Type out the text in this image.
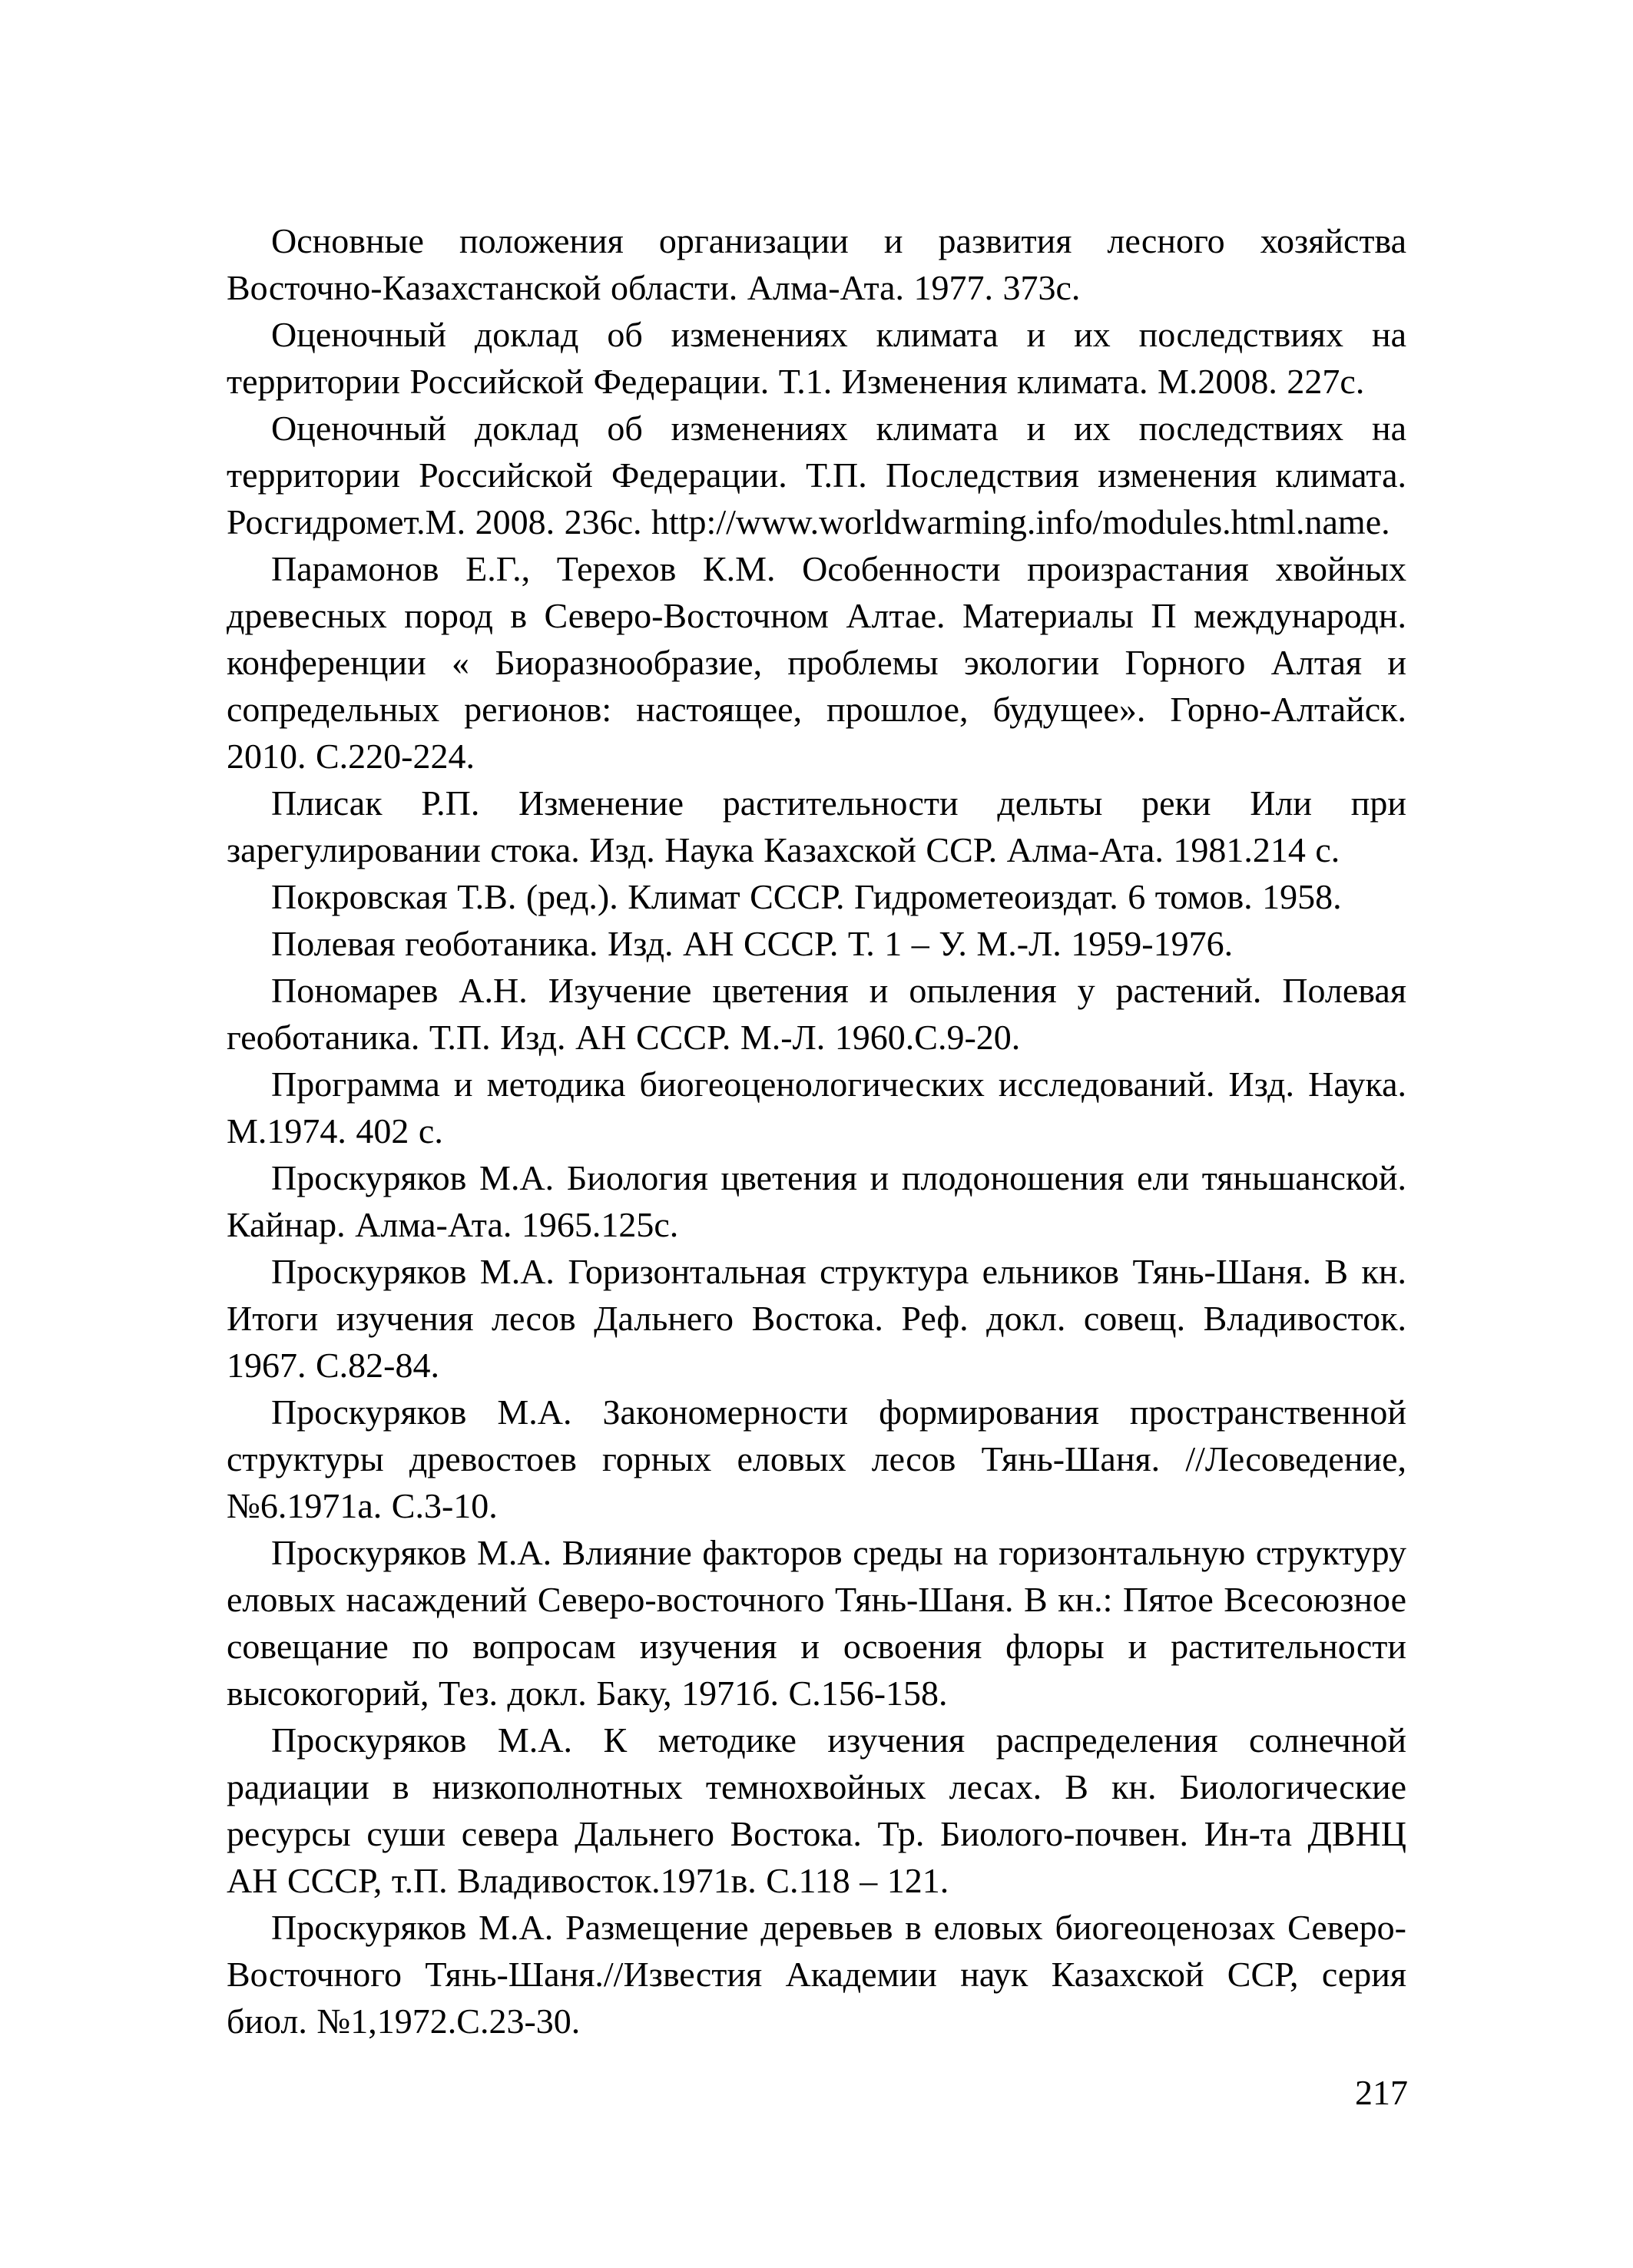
Основные положения организации и развития лесного хозяйства Восточно-Казахстанской области. Алма-Ата. 1977. 373с.

Оценочный доклад об изменениях климата и их последствиях на территории Российской Федерации. Т.1. Изменения климата. М.2008. 227с.

Оценочный доклад об изменениях климата и их последствиях на территории Российской Федерации. Т.П. Последствия изменения климата. Росгидромет.М. 2008. 236с. http://www.worldwarming.info/modules.html.name.

Парамонов Е.Г., Терехов К.М. Особенности произрастания хвойных древесных пород в Северо-Восточном Алтае. Материалы П международн. конференции « Биоразнообразие, проблемы экологии Горного Алтая и сопредельных регионов: настоящее, прошлое, будущее». Горно-Алтайск. 2010. С.220-224.

Плисак Р.П. Изменение растительности дельты реки Или при зарегулировании стока. Изд. Наука Казахской ССР. Алма-Ата. 1981.214 с.

Покровская Т.В. (ред.). Климат СССР. Гидрометеоиздат. 6 томов. 1958.

Полевая геоботаника. Изд. АН СССР. Т. 1 – У. М.-Л. 1959-1976.

Пономарев А.Н. Изучение цветения и опыления у растений. Полевая геоботаника. Т.П. Изд. АН СССР. М.-Л. 1960.С.9-20.

Программа и методика биогеоценологических исследований. Изд. Наука. М.1974. 402 с.

Проскуряков М.А. Биология цветения и плодоношения ели тяньшанской. Кайнар. Алма-Ата. 1965.125с.

Проскуряков М.А. Горизонтальная структура ельников Тянь-Шаня. В кн. Итоги изучения лесов Дальнего Востока. Реф. докл. совещ. Владивосток. 1967. С.82-84.

Проскуряков М.А. Закономерности формирования пространственной структуры древостоев горных еловых лесов Тянь-Шаня. //Лесоведение, №6.1971а. С.3-10.

Проскуряков М.А. Влияние факторов среды на горизонтальную структуру еловых насаждений Северо-восточного Тянь-Шаня. В кн.: Пятое Всесоюзное совещание по вопросам изучения и освоения флоры и растительности высокогорий, Тез. докл. Баку, 1971б. С.156-158.

Проскуряков М.А. К методике изучения распределения солнечной радиации в низкополнотных темнохвойных лесах. В кн. Биологические ресурсы суши севера Дальнего Востока. Тр. Биолого-почвен. Ин-та ДВНЦ АН СССР, т.П. Владивосток.1971в. С.118 – 121.

Проскуряков М.А. Размещение деревьев в еловых биогеоценозах Северо-Восточного Тянь-Шаня.//Известия Академии наук Казахской ССР, серия биол. №1,1972.С.23-30.

217
